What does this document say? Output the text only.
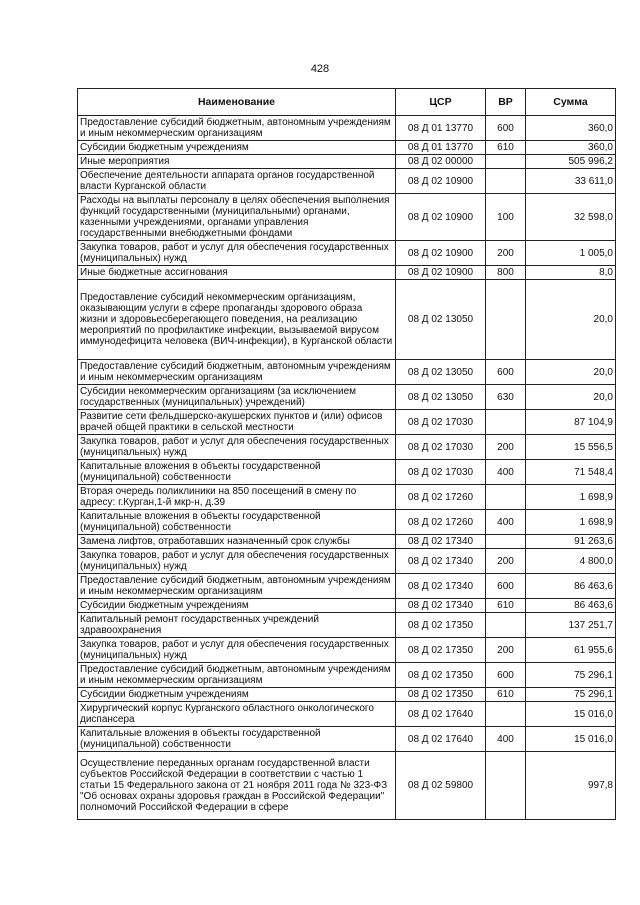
428
Наименование	ЦСР	ВР	Сумма
Предоставление субсидий бюджетным, автономным учреждениям и иным некоммерческим организациям	08 Д 01 13770	600	360,0
Субсидии бюджетным учреждениям	08 Д 01 13770	610	360,0
Иные мероприятия	08 Д 02 00000		505 996,2
Обеспечение деятельности аппарата органов государственной власти Курганской области	08 Д 02 10900		33 611,0
Расходы на выплаты персоналу в целях обеспечения выполнения функций государственными (муниципальными) органами, казенными учреждениями, органами управления государственными внебюджетными фондами	08 Д 02 10900	100	32 598,0
Закупка товаров, работ и услуг для обеспечения государственных (муниципальных) нужд	08 Д 02 10900	200	1 005,0
Иные бюджетные ассигнования	08 Д 02 10900	800	8,0
Предоставление субсидий некоммерческим организациям, оказывающим услуги в сфере пропаганды здорового образа жизни и здоровьесберегающего поведения, на реализацию мероприятий по профилактике инфекции, вызываемой вирусом иммунодефицита человека (ВИЧ-инфекции), в Курганской области	08 Д 02 13050		20,0
Предоставление субсидий бюджетным, автономным учреждениям и иным некоммерческим организациям	08 Д 02 13050	600	20,0
Субсидии некоммерческим организациям (за исключением государственных (муниципальных) учреждений)	08 Д 02 13050	630	20,0
Развитие сети фельдшерско-акушерских пунктов и (или) офисов врачей общей практики в сельской местности	08 Д 02 17030		87 104,9
Закупка товаров, работ и услуг для обеспечения государственных (муниципальных) нужд	08 Д 02 17030	200	15 556,5
Капитальные вложения в объекты государственной (муниципальной) собственности	08 Д 02 17030	400	71 548,4
Вторая очередь поликлиники на 850 посещений в смену по адресу: г.Курган,1-й мкр-н, д.39	08 Д 02 17260		1 698,9
Капитальные вложения в объекты государственной (муниципальной) собственности	08 Д 02 17260	400	1 698,9
Замена лифтов, отработавших назначенный срок службы	08 Д 02 17340		91 263,6
Закупка товаров, работ и услуг для обеспечения государственных (муниципальных) нужд	08 Д 02 17340	200	4 800,0
Предоставление субсидий бюджетным, автономным учреждениям и иным некоммерческим организациям	08 Д 02 17340	600	86 463,6
Субсидии бюджетным учреждениям	08 Д 02 17340	610	86 463,6
Капитальный ремонт государственных учреждений здравоохранения	08 Д 02 17350		137 251,7
Закупка товаров, работ и услуг для обеспечения государственных (муниципальных) нужд	08 Д 02 17350	200	61 955,6
Предоставление субсидий бюджетным, автономным учреждениям и иным некоммерческим организациям	08 Д 02 17350	600	75 296,1
Субсидии бюджетным учреждениям	08 Д 02 17350	610	75 296,1
Хирургический корпус Курганского областного онкологического диспансера	08 Д 02 17640		15 016,0
Капитальные вложения в объекты государственной (муниципальной) собственности	08 Д 02 17640	400	15 016,0
Осуществление переданных органам государственной власти субъектов Российской Федерации в соответствии с частью 1 статьи 15 Федерального закона от 21 ноября 2011 года № 323-ФЗ "Об основах охраны здоровья граждан в Российской Федерации" полномочий Российской Федерации в сфере	08 Д 02 59800		997,8
